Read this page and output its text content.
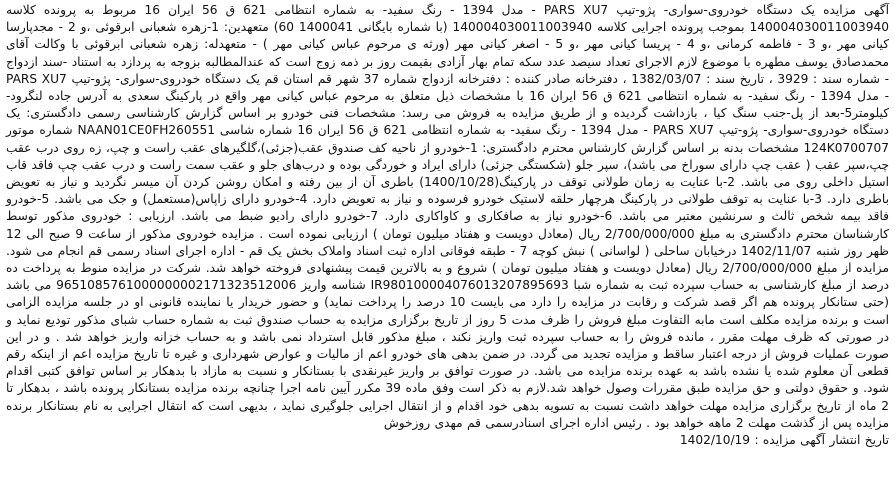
آگهی مزایده یک دستگاه خودروی-سواری- پژو-تیپ PARS XU7 - مدل 1394 - رنگ سفید- به شماره انتظامی 621 ق 56 ایران 16 مربوط به پرونده کلاسه 140004030011003940 بموجب پرونده اجرایی کلاسه 140004030011003940 (با شماره بایگانی 1400041 60) متعهدین: 1-زهره شعبانی ابرقوئی ،و 2 - مجدپارسا کیانی مهر ،و 3 - فاطمه کرمانی ،و 4 - پریسا کیانی مهر ،و 5 - اصغر کیانی مهر (ورثه ی مرحوم عباس کیانی مهر ) - متعهدله: زهره شعبانی ابرقوئی با وکالت آقای محمدصادق یوسف مطهره با موضوع لازم الاجرای تعداد سیصد عدد سکه تمام بهار آزادی بقیمت روز بر ذمه زوج است که عندالمطالبه بزوجه به پردازد به استناد -سند ازدواج - شماره سند : 3929 ، تاریخ سند : 1382/03/07 ، دفترخانه صادر کننده : دفترخانه ازدواج شماره 37 شهر قم استان قم یک دستگاه خودروی-سواری- پژو-تیپ PARS XU7 - مدل 1394 - رنگ سفید- به شماره انتظامی 621 ق 56 ایران 16 با مشخصات ذیل متعلق به مرحوم عباس کیانی مهر واقع در پارکینگ سعدی به آدرس جاده لنگرود-کیلومتر5-بعد از پل-جنب سنگ کیا ، بازداشت گردیده و از طریق مزایده به فروش می رسد: مشخصات فنی خودرو بر اساس گزارش کارشناسی رسمی دادگستری: یک دستگاه خودروی-سواری- پژو-تیپ PARS XU7 - مدل 1394 - رنگ سفید- به شماره انتظامی 621 ق 56 ایران 16 شماره شاسی NAAN01CE0FH260551 شماره موتور 124K0700707 مشخصات بدنه بر اساس گزارش کارشناس محترم دادگستری: 1-خودرو از ناحیه کف صندوق عقب(جزئی)،گلگیرهای عقب راست و چپ، زه روی درب عقب چپ،سپر عقب ( عقب چپ دارای سوراخ می باشد)، سپر جلو (شکستگی جزئی) دارای ایراد و خوردگی بوده و درب‌های جلو و عقب سمت راست و درب عقب چپ فاقد قاب استیل داخلی روی می باشد. 2-با عنایت به زمان طولانی توقف در پارکینگ(1400/10/28) باطری آن از بین رفته و امکان روشن کردن آن میسر نگردید و نیاز به تعویض باطری دارد. 3-با عنایت به توقف طولانی در پارکینگ هرچهار حلقه لاستیک خودرو فرسوده و نیاز به تعویض دارد. 4-خودرو دارای زاپاس(مستعمل) و جک می باشد. 5-خودرو فاقد بیمه شخص ثالث و سرنشین معتبر می باشد. 6-خودرو نیاز به صافکاری و کاواکاری دارد. 7-خودرو دارای رادیو ضبط می باشد. ارزیابی : خودروی مذکور توسط کارشناسان محترم دادگستری به مبلغ 2/700/000/000 ریال (معادل دویست و هفتاد میلیون تومان ) ارزیابی نموده است . مزایده خودروی مذکور از ساعت 9 صبح الی 12 ظهر روز شنبه 1402/11/07 درخیابان ساحلی ( لواسانی ) نبش کوچه 7 - طبقه فوقانی اداره ثبت اسناد واملاک بخش یک قم - اداره اجرای اسناد رسمی قم انجام می شود. مزایده از مبلغ 2/700/000/000 ریال (معادل دویست و هفتاد میلیون تومان ) شروع و به بالاترین قیمت پیشنهادی فروخته خواهد شد. شرکت در مزایده منوط به پرداخت ده درصد از مبلغ کارشناسی به حساب سپرده ثبت به شماره شبا IR980100004076013207895693 شناسه واریز 9651085761000000002171323512006 می باشد (حتی ستانکار پرونده هم اگر قصد شرکت و رقابت در مزایده را دارد می بایست 10 درصد را پرداخت نماید) و حضور خریدار یا نماینده قانونی او در جلسه مزایده الزامی است و برنده مزایده مکلف است مابه التفاوت مبلغ فروش را ظرف مدت 5 روز از تاریخ برگزاری مزایده به حساب صندوق ثبت به شماره حساب شبای مذکور تودیع نماید و در صورتی که ظرف مهلت مقرر ، مانده فروش را به حساب سپرده ثبت واریز نکند ، مبلغ مذکور قابل استرداد نمی باشد و به حساب خزانه واریز خواهد شد . و در این صورت عملیات فروش از درجه اعتبار ساقط و مزایده تجدید می گردد. در ضمن بدهی های خودرو اعم از مالیات و عوارض شهرداری و غیره تا تاریخ مزایده اعم از اینکه رقم قطعی آن معلوم شده یا نشده باشد به عهده برنده مزایده می باشد. در صورت توافق بر واریز غیرنقدی با بستانکار و نسبت به مازاد با بدهکار بر اساس توافق کتبی اقدام شود. و حقوق دولتی و حق مزایده طبق مقررات وصول خواهد شد.لازم به ذکر است وفق ماده 39 مکرر آیین نامه اجرا چنانچه برنده مزایده بستانکار پرونده باشد ، بدهکار تا 2 ماه از تاریخ برگزاری مزایده مهلت خواهد داشت نسبت به تسویه بدهی خود اقدام و از انتقال اجرایی جلوگیری نماید ، بدیهی است که انتقال اجرایی به نام بستانکار برنده مزایده پس از گذشت مهلت 2 ماهه خواهد بود . رئیس اداره اجرای اسنادرسمی قم مهدی روزخوش

تاریخ انتشار آگهی مزایده : 1402/10/19
